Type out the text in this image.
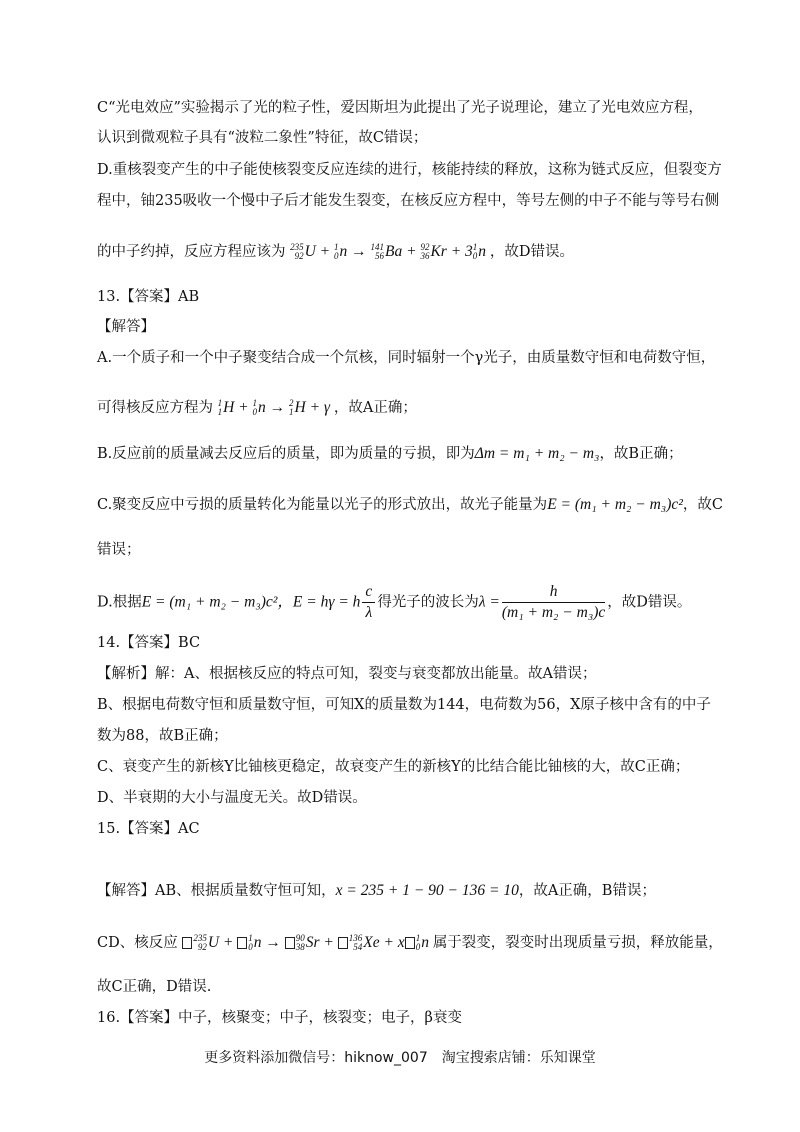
C“光电效应”实验揭示了光的粒子性，爱因斯坦为此提出了光子说理论，建立了光电效应方程，
认识到微观粒子具有“波粒二象性”特征，故C错误；
D.重核裂变产生的中子能使核裂变反应连续的进行，核能持续的释放，这称为链式反应，但裂变方
程中，铀235吸收一个慢中子后才能发生裂变，在核反应方程中，等号左侧的中子不能与等号右侧
的中子约掉，反应方程应该为 235
92 U + 1
0 n → 141
56 Ba + 92
36 Kr + 3 1
0 n ，故D错误。
13.【答案】AB
【解答】
A.一个质子和一个中子聚变结合成一个氘核，同时辐射一个γ光子，由质量数守恒和电荷数守恒，
可得核反应方程为 1
1 H + 1
0 n → 2
1 H + γ ，故A正确；
B.反应前的质量减去反应后的质量，即为质量的亏损，即为Δm = m₁ + m₂ − m₃，故B正确；
C.聚变反应中亏损的质量转化为能量以光子的形式放出，故光子能量为E = (m₁ + m₂ − m₃)c²，故C
错误；
D.根据E = (m₁ + m₂ − m₃)c²，E = hγ = h $\frac{c}{\lambda}$ 得光子的波长为$\lambda = \frac{h}{\text{(m₁ + m₂ − m₃)c}}$ ，故D错误。
14.【答案】BC
【解析】解：A、根据核反应的特点可知，裂变与衰变都放出能量。故A错误；
B、根据电荷数守恒和质量数守恒，可知X的质量数为144，电荷数为56，X原子核中含有的中子
数为88，故B正确；
C、衰变产生的新核Y比铀核更稳定，故衰变产生的新核Y的比结合能比铀核的大，故C正确；
D、半衰期的大小与温度无关。故D错误。
15.【答案】AC
【解答】AB、根据质量数守恒可知，x = 235 + 1 − 90 − 136 = 10，故A正确，B错误；
CD、核反应 235
92 U + 1
0 n → 90
38 Sr + 136
54 Xe + x 1
0 n 属于裂变，裂变时出现质量亏损，释放能量，
故C正确，D错误.
16.【答案】中子，核聚变；中子，核裂变；电子，β衰变
更多资料添加微信号：hiknow_007　淘宝搜索店铺：乐知课堂
